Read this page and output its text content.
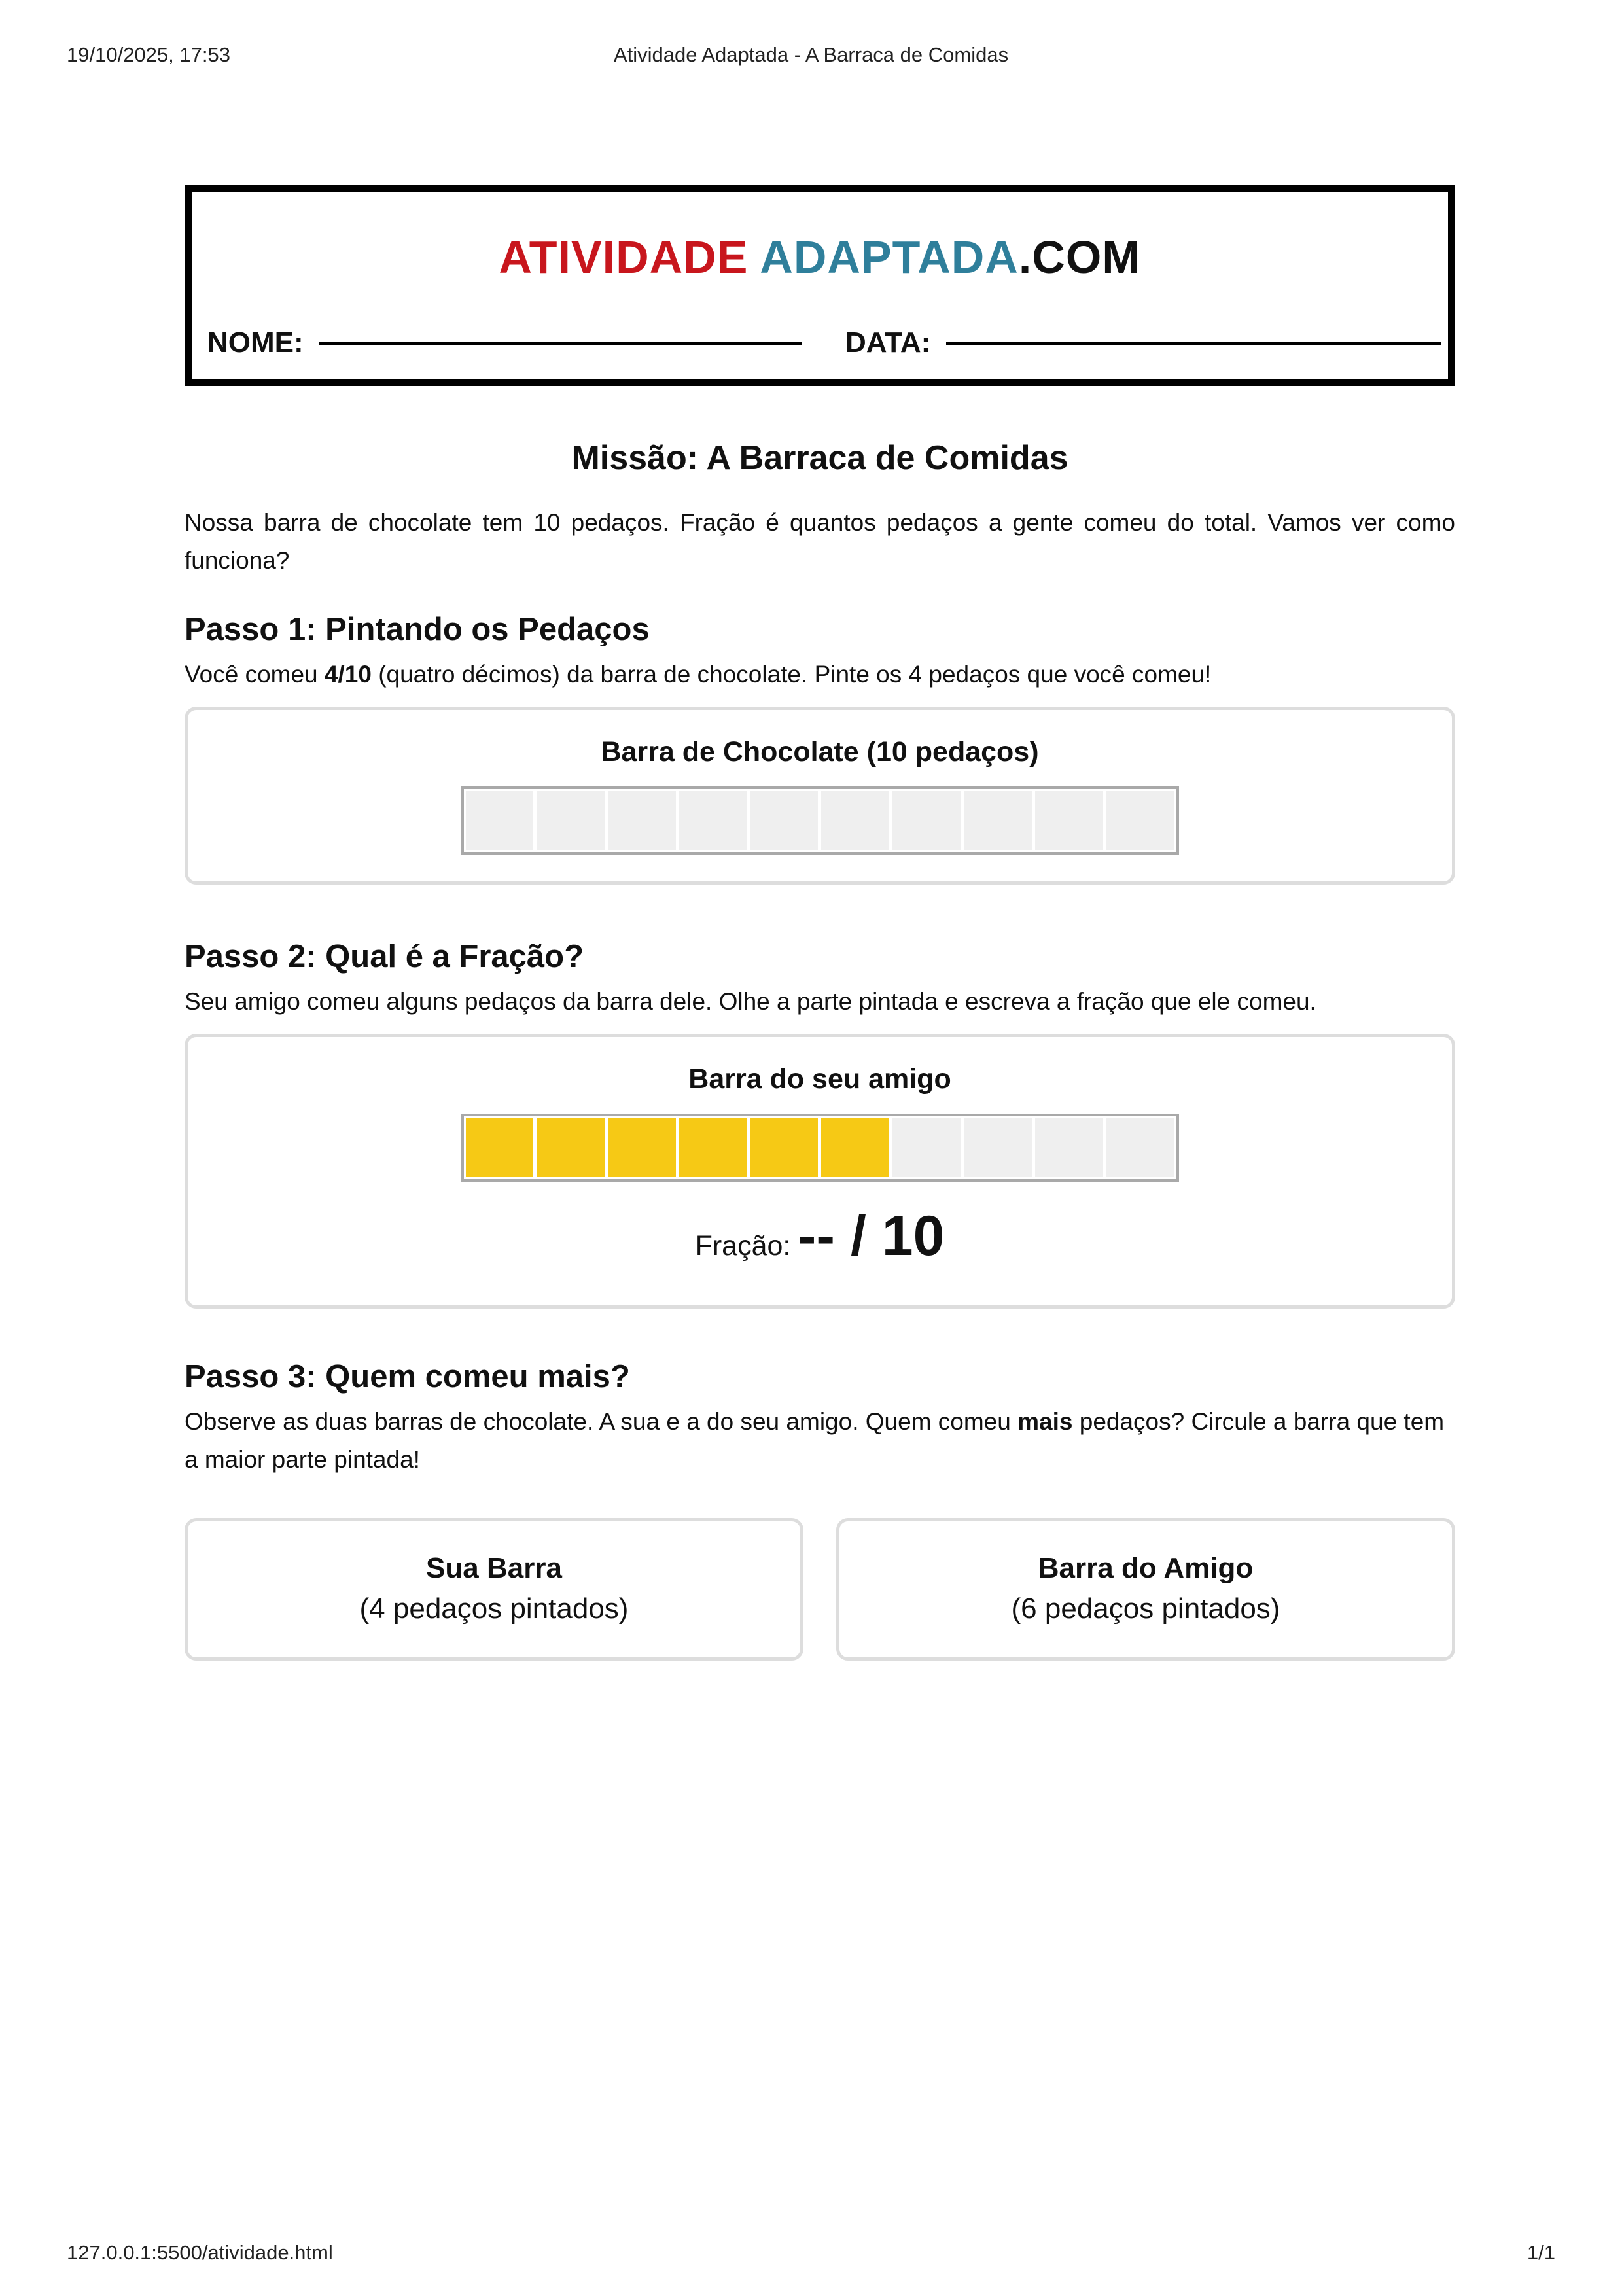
19/10/2025, 17:53	Atividade Adaptada - A Barraca de Comidas
ATIVIDADE ADAPTADA.COM
NOME:	DATA:
Missão: A Barraca de Comidas
Nossa barra de chocolate tem 10 pedaços. Fração é quantos pedaços a gente comeu do total. Vamos ver como funciona?
Passo 1: Pintando os Pedaços
Você comeu 4/10 (quatro décimos) da barra de chocolate. Pinte os 4 pedaços que você comeu!
Barra de Chocolate (10 pedaços)
Passo 2: Qual é a Fração?
Seu amigo comeu alguns pedaços da barra dele. Olhe a parte pintada e escreva a fração que ele comeu.
Barra do seu amigo
Fração: -- / 10
Passo 3: Quem comeu mais?
Observe as duas barras de chocolate. A sua e a do seu amigo. Quem comeu mais pedaços? Circule a barra que tem a maior parte pintada!
Sua Barra
(4 pedaços pintados)
Barra do Amigo
(6 pedaços pintados)
127.0.0.1:5500/atividade.html	1/1
